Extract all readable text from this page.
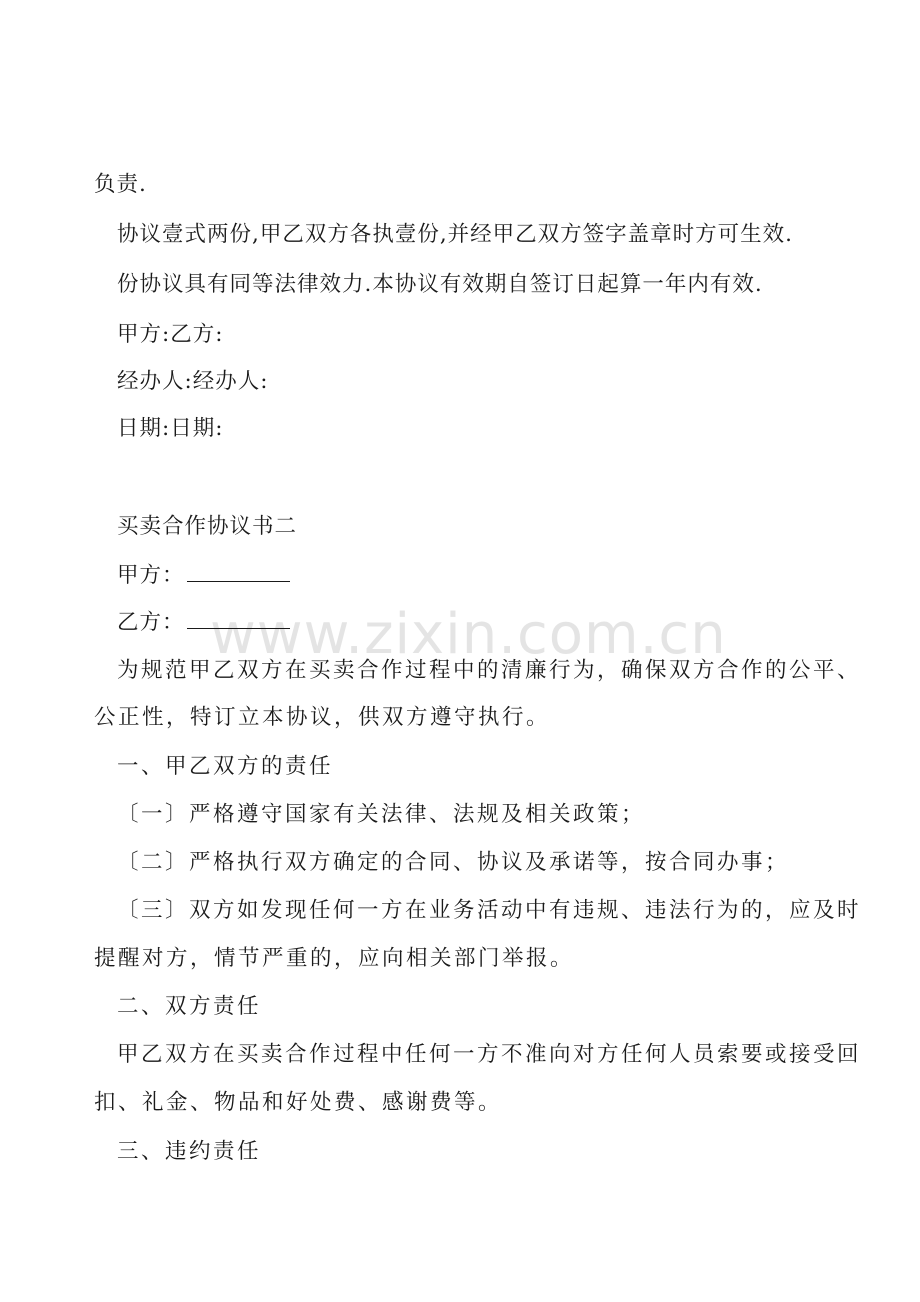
www.zixin.com.cn
负责.
协议壹式两份,甲乙双方各执壹份,并经甲乙双方签字盖章时方可生效.
份协议具有同等法律效力.本协议有效期自签订日起算一年内有效.
甲方:乙方:
经办人:经办人:
日期:日期:
买卖合作协议书二
甲方：
乙方：
为规范甲乙双方在买卖合作过程中的清廉行为，确保双方合作的公平、
公正性，特订立本协议，供双方遵守执行。
一、甲乙双方的责任
〔一〕严格遵守国家有关法律、法规及相关政策；
〔二〕严格执行双方确定的合同、协议及承诺等，按合同办事；
〔三〕双方如发现任何一方在业务活动中有违规、违法行为的，应及时
提醒对方，情节严重的，应向相关部门举报。
二、双方责任
甲乙双方在买卖合作过程中任何一方不准向对方任何人员索要或接受回
扣、礼金、物品和好处费、感谢费等。
三、违约责任
